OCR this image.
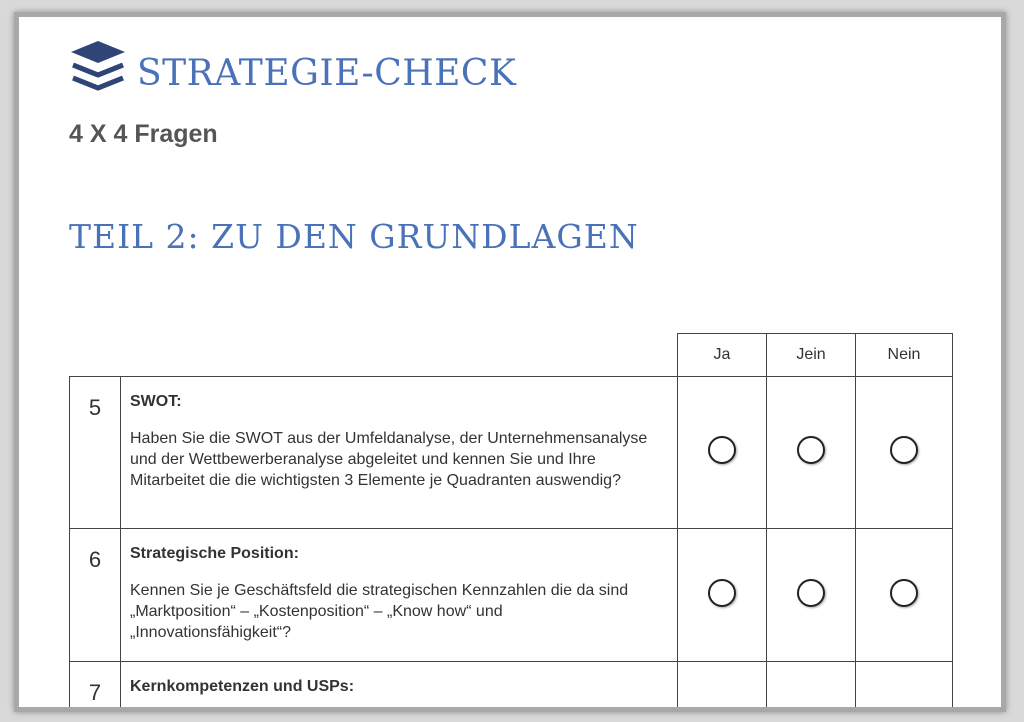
STRATEGIE-CHECK
4 X 4 Fragen
TEIL 2: ZU DEN GRUNDLAGEN
		Ja	Jein	Nein
5	SWOT:
Haben Sie die SWOT aus der Umfeldanalyse, der Unternehmensanalyse und der Wettbewerberanalyse abgeleitet und kennen Sie und Ihre Mitarbeitet die die wichtigsten 3 Elemente je Quadranten auswendig?			

6	Strategische Position:
Kennen Sie je Geschäftsfeld die strategischen Kennzahlen die da sind „Marktposition“ – „Kostenposition“ – „Know how“ und „Innovationsfähigkeit“?			

7	Kernkompetenzen und USPs:			
